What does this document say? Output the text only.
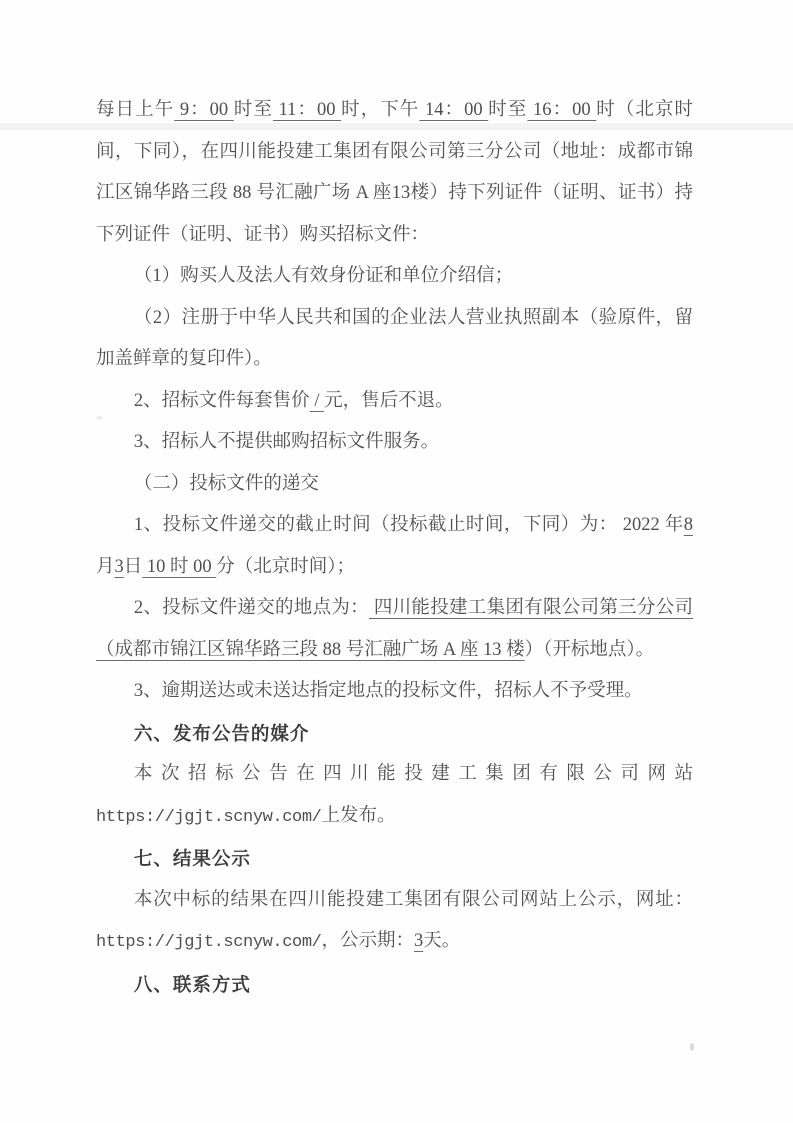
每日上午 9：00 时至 11：00 时，下午 14：00 时至 16：00 时（北京时间，下同），在四川能投建工集团有限公司第三分公司（地址：成都市锦江区锦华路三段 88 号汇融广场 A 座13楼）持下列证件（证明、证书）持下列证件（证明、证书）购买招标文件：

（1）购买人及法人有效身份证和单位介绍信；

（2）注册于中华人民共和国的企业法人营业执照副本（验原件，留加盖鲜章的复印件）。

2、招标文件每套售价 / 元，售后不退。

3、招标人不提供邮购招标文件服务。

（二）投标文件的递交

1、投标文件递交的截止时间（投标截止时间，下同）为： 2022 年8月3日 10 时 00 分（北京时间）；

2、投标文件递交的地点为： 四川能投建工集团有限公司第三分公司（成都市锦江区锦华路三段 88 号汇融广场 A 座 13 楼）（开标地点）。

3、逾期送达或未送达指定地点的投标文件，招标人不予受理。

六、发布公告的媒介

本次招标公告在四川能投建工集团有限公司网站https://jgjt.scnyw.com/上发布。

七、结果公示

本次中标的结果在四川能投建工集团有限公司网站上公示，网址：https://jgjt.scnyw.com/，公示期：3天。

八、联系方式
